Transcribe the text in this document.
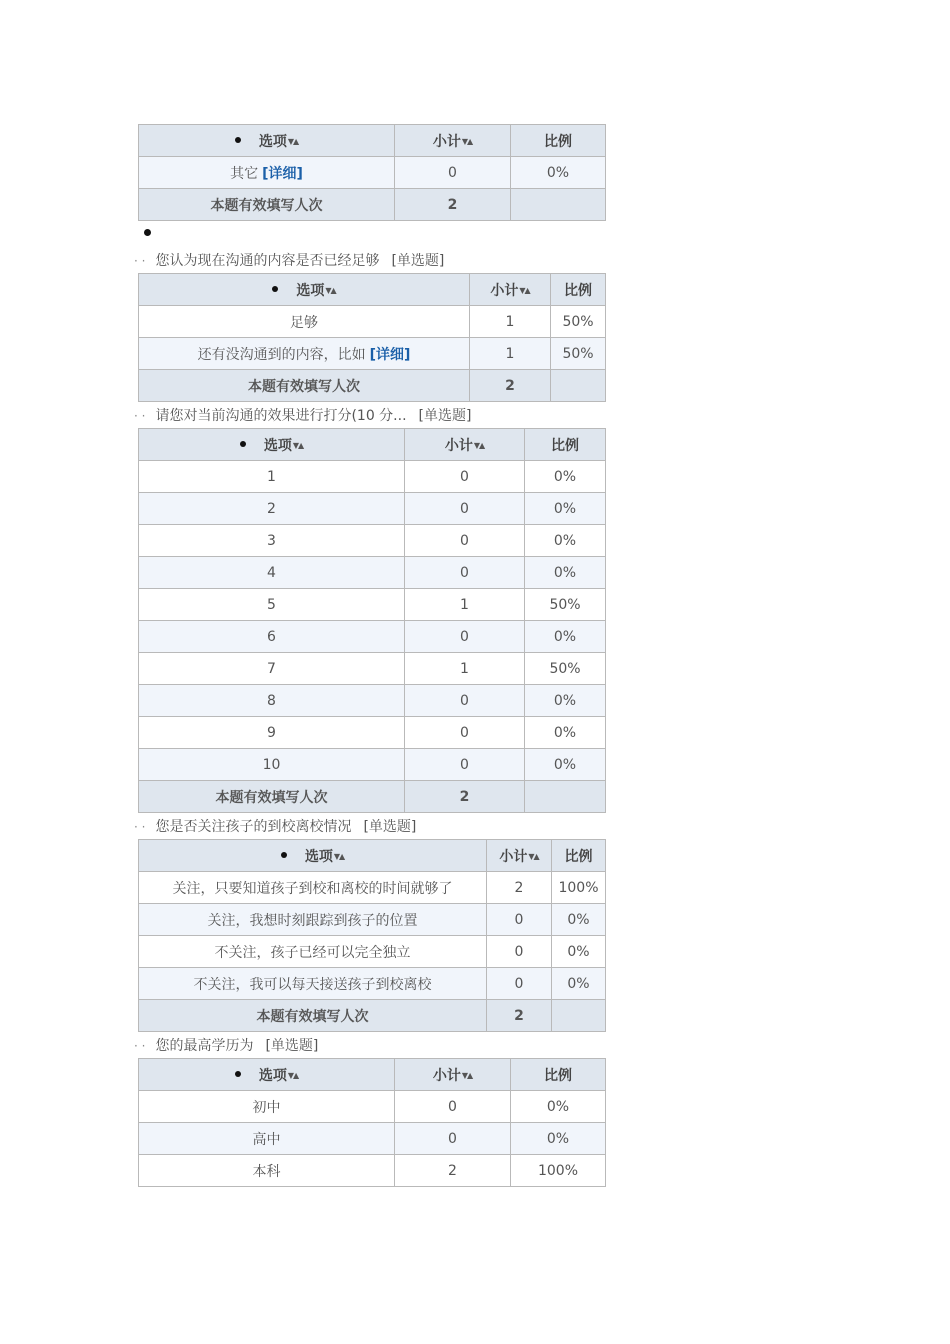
选项▼▲	小计▼▲	比例
其它 [详细]	0	0%
本题有效填写人次	2	
· · 您认为现在沟通的内容是否已经足够 [单选题]
选项▼▲	小计▼▲	比例
足够	1	50%
还有没沟通到的内容，比如 [详细]	1	50%
本题有效填写人次	2	
· · 请您对当前沟通的效果进行打分(10 分... [单选题]
选项▼▲	小计▼▲	比例
1	0	0%
2	0	0%
3	0	0%
4	0	0%
5	1	50%
6	0	0%
7	1	50%
8	0	0%
9	0	0%
10	0	0%
本题有效填写人次	2	
· · 您是否关注孩子的到校离校情况 [单选题]
选项▼▲	小计▼▲	比例
关注，只要知道孩子到校和离校的时间就够了	2	100%
关注，我想时刻跟踪到孩子的位置	0	0%
不关注，孩子已经可以完全独立	0	0%
不关注，我可以每天接送孩子到校离校	0	0%
本题有效填写人次	2	
· · 您的最高学历为 [单选题]
选项▼▲	小计▼▲	比例
初中	0	0%
高中	0	0%
本科	2	100%
